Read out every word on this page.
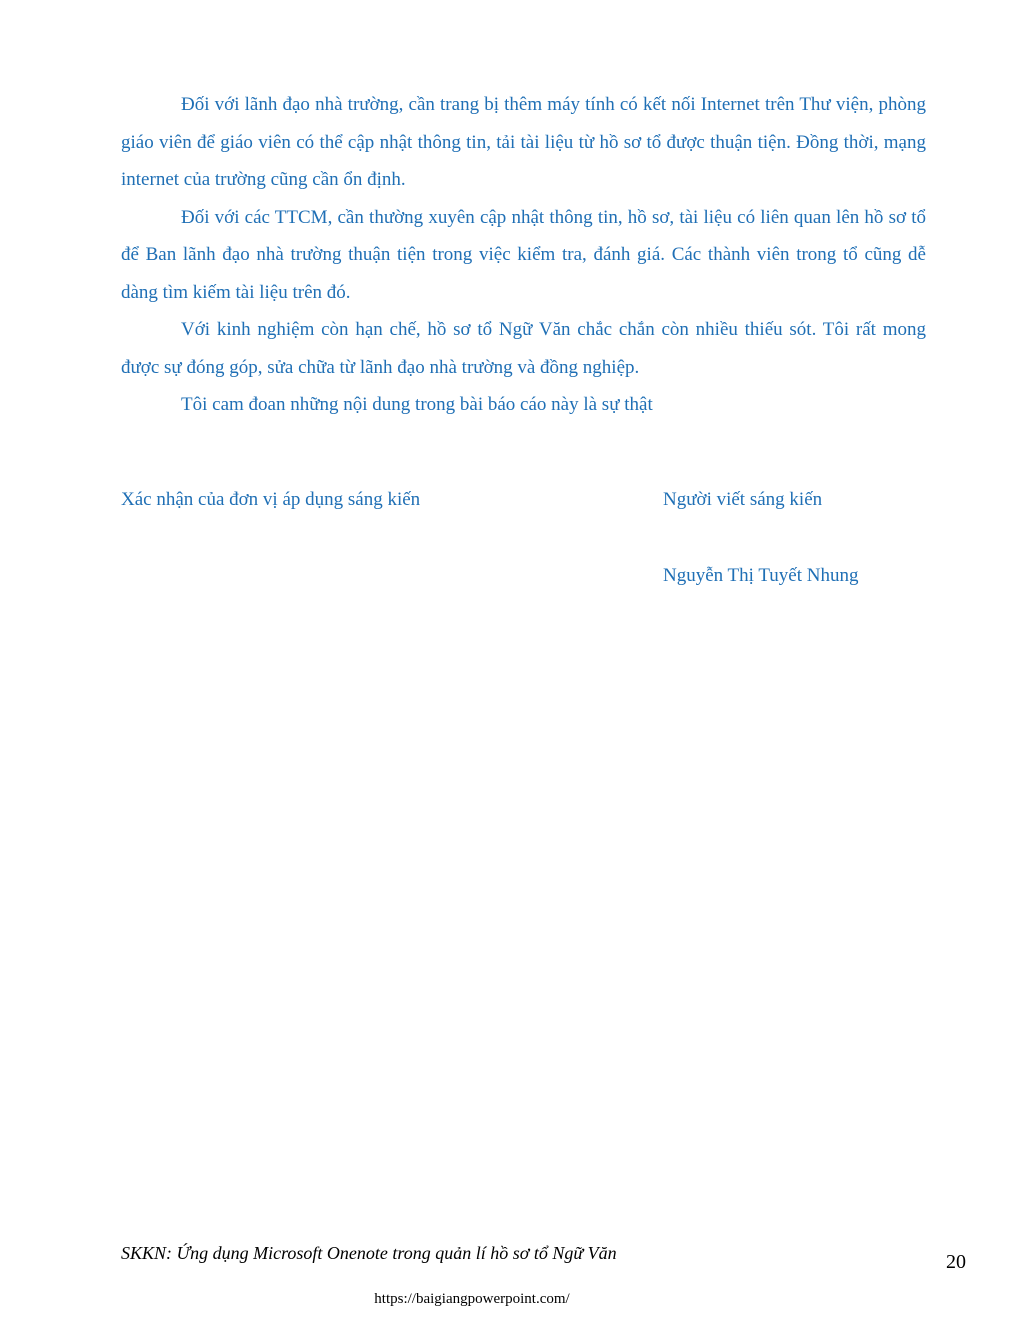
Đối với lãnh đạo nhà trường, cần trang bị thêm máy tính có kết nối Internet trên Thư viện, phòng giáo viên để giáo viên có thể cập nhật thông tin, tải tài liệu từ hồ sơ tổ được thuận tiện. Đồng thời, mạng internet của trường cũng cần ổn định.

Đối với các TTCM, cần thường xuyên cập nhật thông tin, hồ sơ, tài liệu có liên quan lên hồ sơ tổ để Ban lãnh đạo nhà trường thuận tiện trong việc kiểm tra, đánh giá. Các thành viên trong tổ cũng dễ dàng tìm kiếm tài liệu trên đó.

Với kinh nghiệm còn hạn chế, hồ sơ tổ Ngữ Văn chắc chắn còn nhiều thiếu sót. Tôi rất mong được sự đóng góp, sửa chữa từ lãnh đạo nhà trường và đồng nghiệp.

Tôi cam đoan những nội dung trong bài báo cáo này là sự thật

Xác nhận của đơn vị áp dụng sáng kiến	Người viết sáng kiến
Nguyễn Thị Tuyết Nhung
SKKN: Ứng dụng Microsoft Onenote trong quản lí hồ sơ tổ Ngữ Văn	20
https://baigiangpowerpoint.com/
